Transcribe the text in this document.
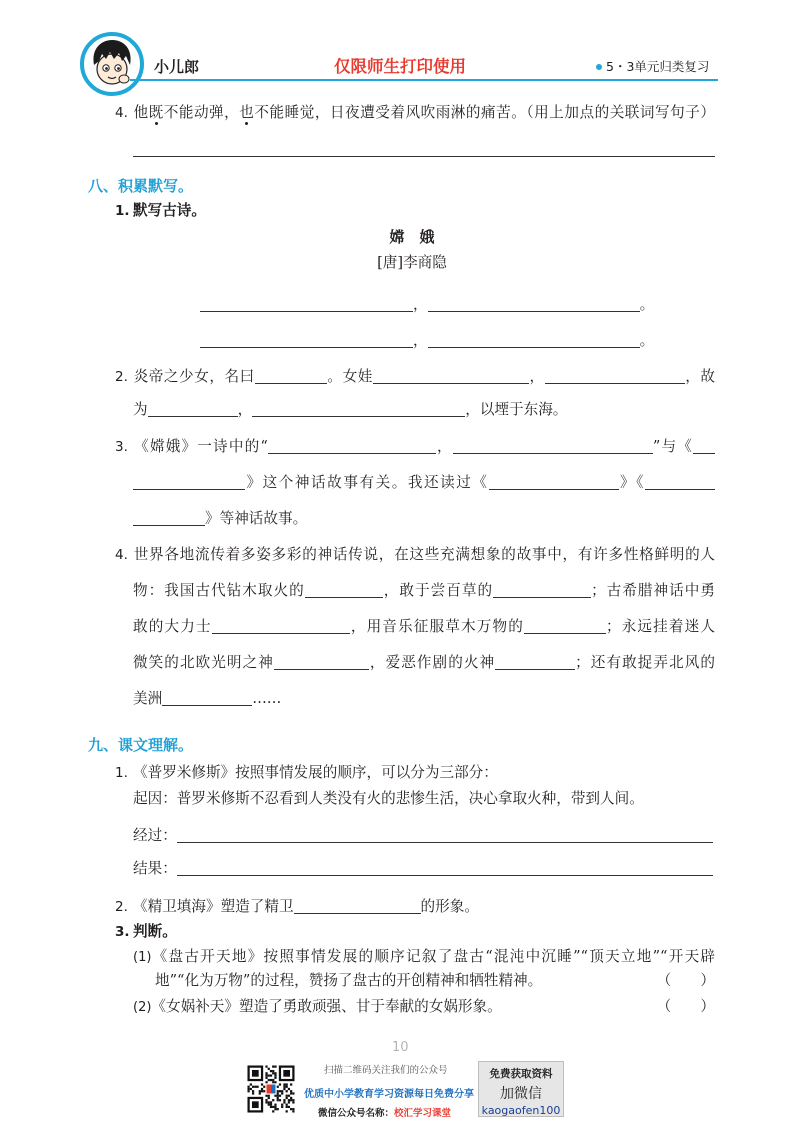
小儿郎	仅限师生打印使用	5・3单元归类复习
4. 他既不能动弹，也不能睡觉，日夜遭受着风吹雨淋的痛苦。（用上加点的关联词写句子）
八、积累默写。
1. 默写古诗。
嫦　娥
[唐]李商隐
，	。
，	。
2. 炎帝之少女，名曰	。女娃	，	，故
为	，	，以堙于东海。
3. 《嫦娥》一诗中的“	，	”与《
》这个神话故事有关。我还读过《	》《
》等神话故事。
4. 世界各地流传着多姿多彩的神话传说，在这些充满想象的故事中，有许多性格鲜明的人
物：我国古代钻木取火的	，敢于尝百草的	；古希腊神话中勇
敢的大力士	，用音乐征服草木万物的	；永远挂着迷人
微笑的北欧光明之神	，爱恶作剧的火神	；还有敢捉弄北风的
美洲	……
九、课文理解。
1. 《普罗米修斯》按照事情发展的顺序，可以分为三部分：
起因：普罗米修斯不忍看到人类没有火的悲惨生活，决心拿取火种，带到人间。
经过：
结果：
2. 《精卫填海》塑造了精卫	的形象。
3. 判断。
(1)《盘古开天地》按照事情发展的顺序记叙了盘古“混沌中沉睡”“顶天立地”“开天辟
地”“化为万物”的过程，赞扬了盘古的开创精神和牺牲精神。	（　　）
(2)《女娲补天》塑造了勇敢顽强、甘于奉献的女娲形象。	（　　）
10
扫描二维码关注我们的公众号
优质中小学教育学习资源每日免费分享
微信公众号名称：校汇学习课堂
免费获取资料
加微信
kaogaofen100
